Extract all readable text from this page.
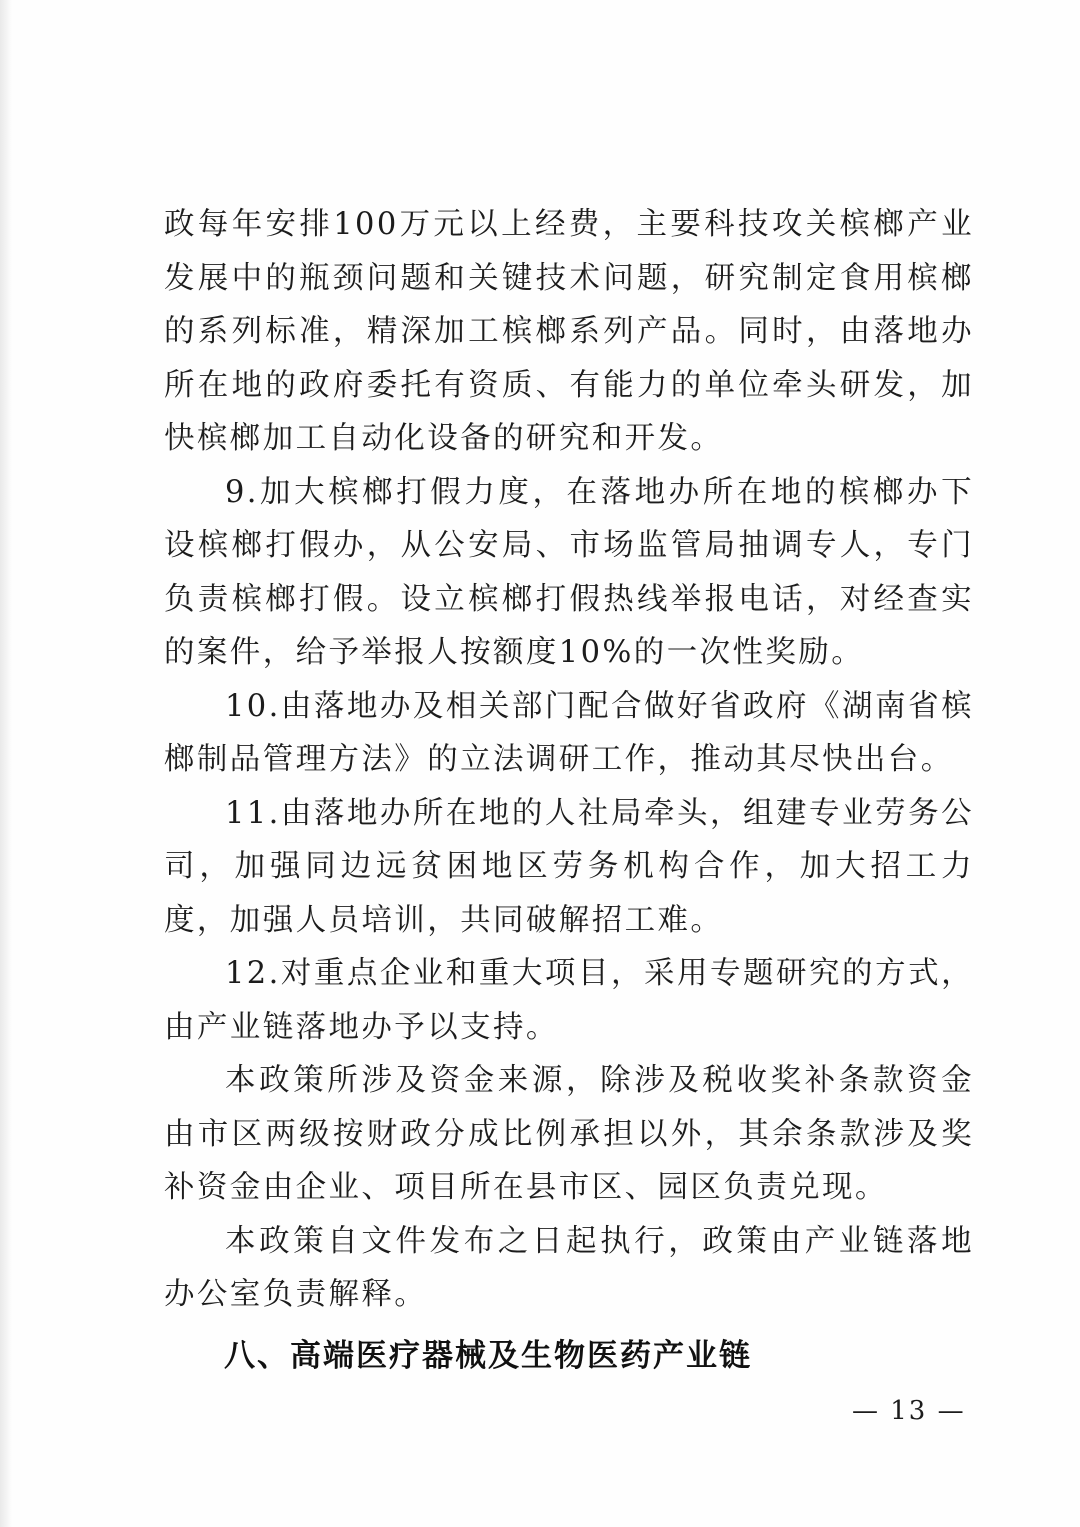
政每年安排100万元以上经费，主要科技攻关槟榔产业发展中的瓶颈问题和关键技术问题，研究制定食用槟榔的系列标准，精深加工槟榔系列产品。同时，由落地办所在地的政府委托有资质、有能力的单位牵头研发，加快槟榔加工自动化设备的研究和开发。

9.加大槟榔打假力度，在落地办所在地的槟榔办下设槟榔打假办，从公安局、市场监管局抽调专人，专门负责槟榔打假。设立槟榔打假热线举报电话，对经查实的案件，给予举报人按额度10%的一次性奖励。

10.由落地办及相关部门配合做好省政府《湖南省槟榔制品管理方法》的立法调研工作，推动其尽快出台。

11.由落地办所在地的人社局牵头，组建专业劳务公司，加强同边远贫困地区劳务机构合作，加大招工力度，加强人员培训，共同破解招工难。

12.对重点企业和重大项目，采用专题研究的方式，由产业链落地办予以支持。

本政策所涉及资金来源，除涉及税收奖补条款资金由市区两级按财政分成比例承担以外，其余条款涉及奖补资金由企业、项目所在县市区、园区负责兑现。

本政策自文件发布之日起执行，政策由产业链落地办公室负责解释。

八、高端医疗器械及生物医药产业链
— 13 —
